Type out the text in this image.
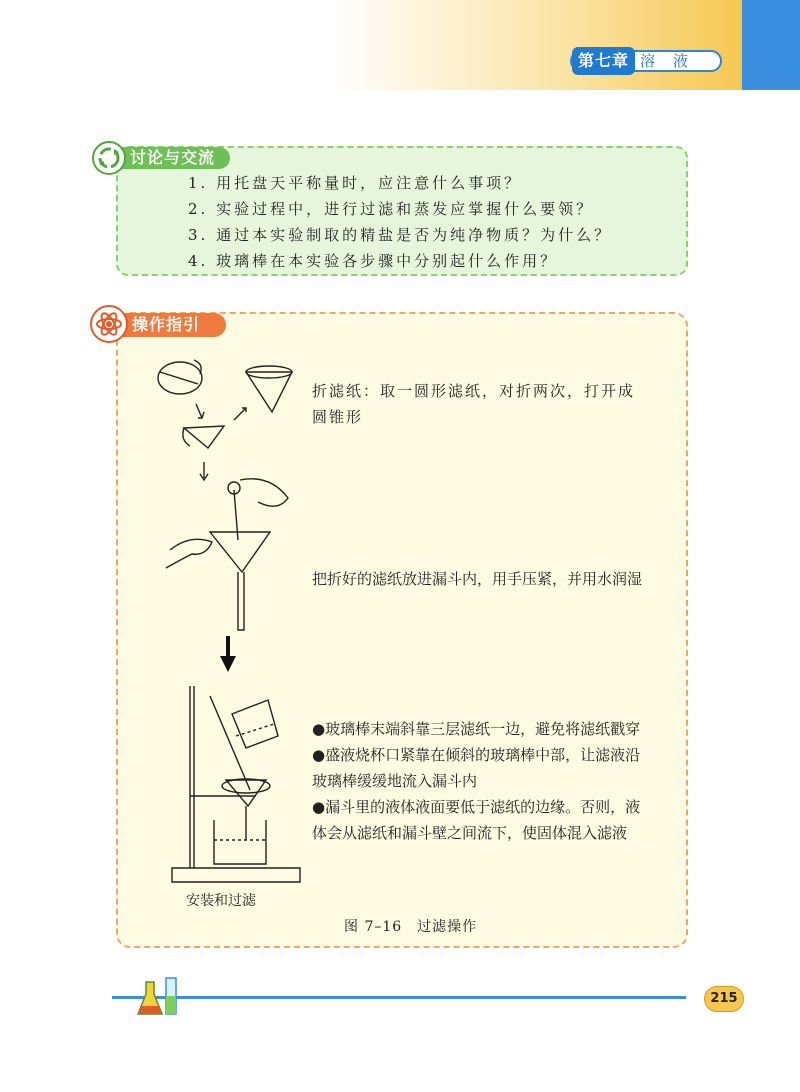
第七章 溶液
讨论与交流
1. 用托盘天平称量时，应注意什么事项？
2. 实验过程中，进行过滤和蒸发应掌握什么要领？
3. 通过本实验制取的精盐是否为纯净物质？为什么？
4. 玻璃棒在本实验各步骤中分别起什么作用？
操作指引
折滤纸：取一圆形滤纸，对折两次，打开成圆锥形
把折好的滤纸放进漏斗内，用手压紧，并用水润湿
●玻璃棒末端斜靠三层滤纸一边，避免将滤纸戳穿
●盛液烧杯口紧靠在倾斜的玻璃棒中部，让滤液沿玻璃棒缓缓地流入漏斗内
●漏斗里的液体液面要低于滤纸的边缘。否则，液体会从滤纸和漏斗壁之间流下，使固体混入滤液
安装和过滤
图 7–16　过滤操作
215
